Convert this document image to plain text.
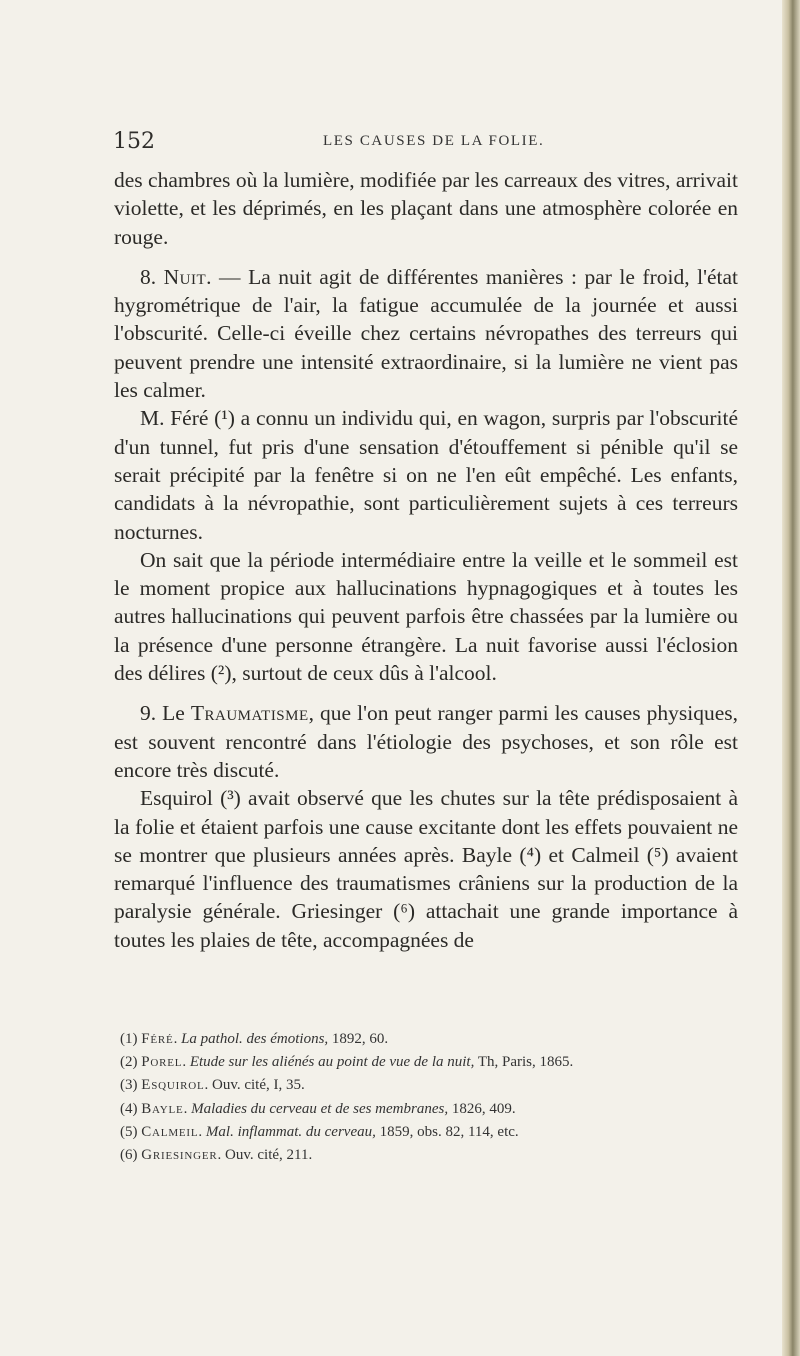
152	LES CAUSES DE LA FOLIE.

des chambres où la lumière, modifiée par les carreaux des vitres, arrivait violette, et les déprimés, en les plaçant dans une atmosphère colorée en rouge.

8. Nuit. — La nuit agit de différentes manières : par le froid, l'état hygrométrique de l'air, la fatigue accumulée de la journée et aussi l'obscurité. Celle-ci éveille chez certains névropathes des terreurs qui peuvent prendre une intensité extraordinaire, si la lumière ne vient pas les calmer.

M. Féré (¹) a connu un individu qui, en wagon, surpris par l'obscurité d'un tunnel, fut pris d'une sensation d'étouffement si pénible qu'il se serait précipité par la fenêtre si on ne l'en eût empêché. Les enfants, candidats à la névropathie, sont particulièrement sujets à ces terreurs nocturnes.

On sait que la période intermédiaire entre la veille et le sommeil est le moment propice aux hallucinations hypnagogiques et à toutes les autres hallucinations qui peuvent parfois être chassées par la lumière ou la présence d'une personne étrangère. La nuit favorise aussi l'éclosion des délires (²), surtout de ceux dûs à l'alcool.

9. Le Traumatisme, que l'on peut ranger parmi les causes physiques, est souvent rencontré dans l'étiologie des psychoses, et son rôle est encore très discuté.

Esquirol (³) avait observé que les chutes sur la tête prédisposaient à la folie et étaient parfois une cause excitante dont les effets pouvaient ne se montrer que plusieurs années après. Bayle (⁴) et Calmeil (⁵) avaient remarqué l'influence des traumatismes crâniens sur la production de la paralysie générale. Griesinger (⁶) attachait une grande importance à toutes les plaies de tête, accompagnées de

(1) Féré. La pathol. des émotions, 1892, 60.
(2) Porel. Etude sur les aliénés au point de vue de la nuit, Th, Paris, 1865.
(3) Esquirol. Ouv. cité, I, 35.
(4) Bayle. Maladies du cerveau et de ses membranes, 1826, 409.
(5) Calmeil. Mal. inflammat. du cerveau, 1859, obs. 82, 114, etc.
(6) Griesinger. Ouv. cité, 211.
